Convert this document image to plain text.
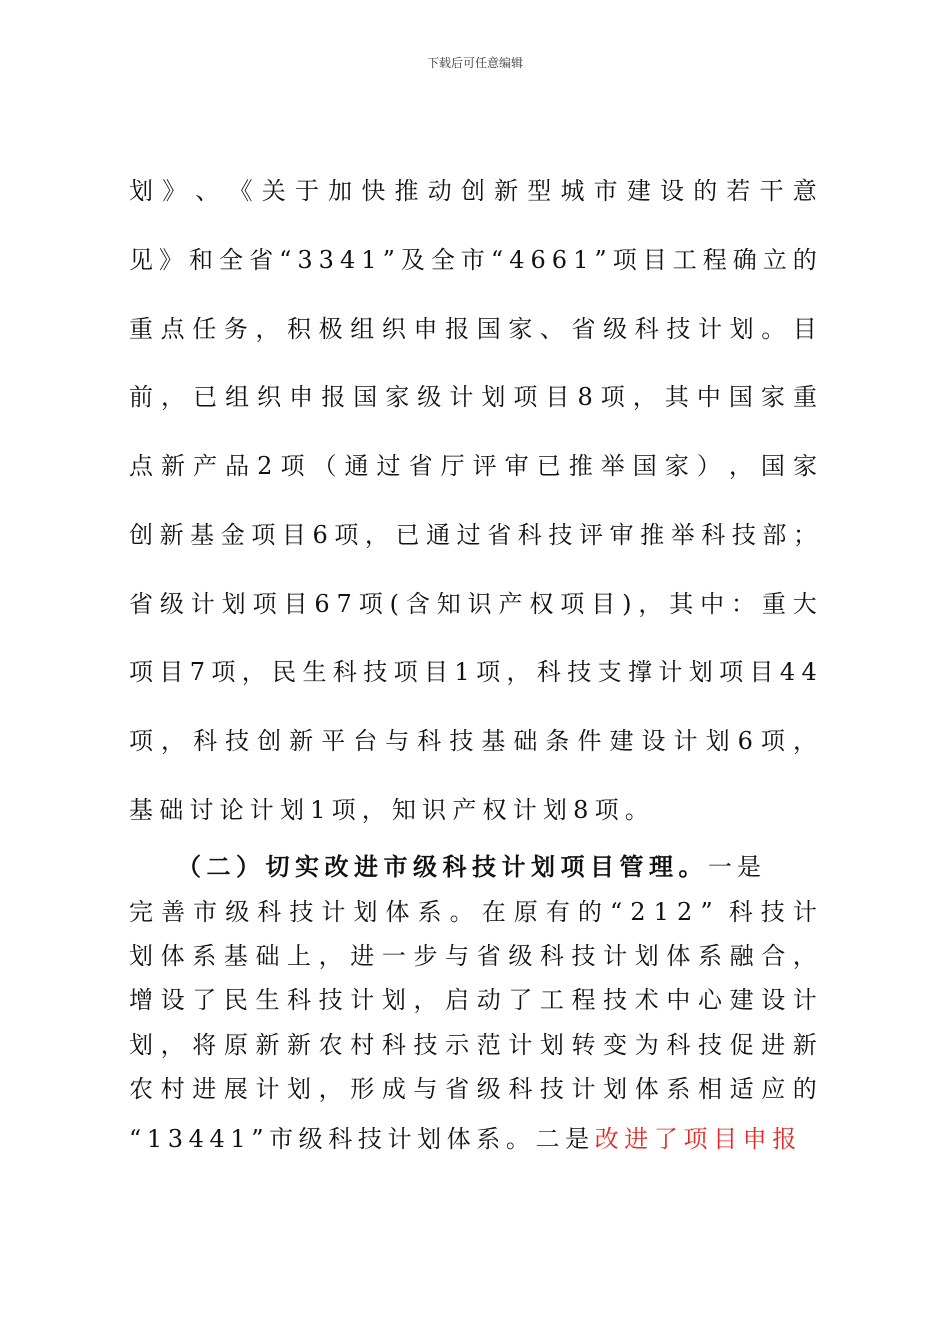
下载后可任意编辑
划 》 、 《 关 于 加 快 推 动 创 新 型 城 市 建 设 的 若 干 意
见 》 和 全 省 “ 3 3 4 1 ” 及 全 市 “ 4 6 6 1 ” 项 目 工 程 确 立 的
重 点 任 务 ， 积 极 组 织 申 报 国 家 、 省 级 科 技 计 划 。 目
前 ， 已 组 织 申 报 国 家 级 计 划 项 目 8 项 ， 其 中 国 家 重
点 新 产 品 2 项 （ 通 过 省 厅 评 审 已 推 举 国 家 ） ， 国 家
创 新 基 金 项 目 6 项 ， 已 通 过 省 科 技 评 审 推 举 科 技 部 ；
省 级 计 划 项 目 6 7 项 ( 含 知 识 产 权 项 目 ) ， 其 中 ： 重 大
项 目 7 项 ， 民 生 科 技 项 目 1 项 ， 科 技 支 撑 计 划 项 目 4 4
项 ， 科 技 创 新 平 台 与 科 技 基 础 条 件 建 设 计 划 6 项 ，
基 础 讨 论 计 划 1 项 ， 知 识 产 权 计 划 8 项 。
（二）切实改进市级科技计划项目管理。一是
完 善 市 级 科 技 计 划 体 系 。 在 原 有 的 “ 2 1 2 ” 科 技 计
划 体 系 基 础 上 ， 进 一 步 与 省 级 科 技 计 划 体 系 融 合 ，
增 设 了 民 生 科 技 计 划 ， 启 动 了 工 程 技 术 中 心 建 设 计
划 ， 将 原 新 新 农 村 科 技 示 范 计 划 转 变 为 科 技 促 进 新
农 村 进 展 计 划 ， 形 成 与 省 级 科 技 计 划 体 系 相 适 应 的
“13441”市级科技计划体系。二是改进了项目申报
